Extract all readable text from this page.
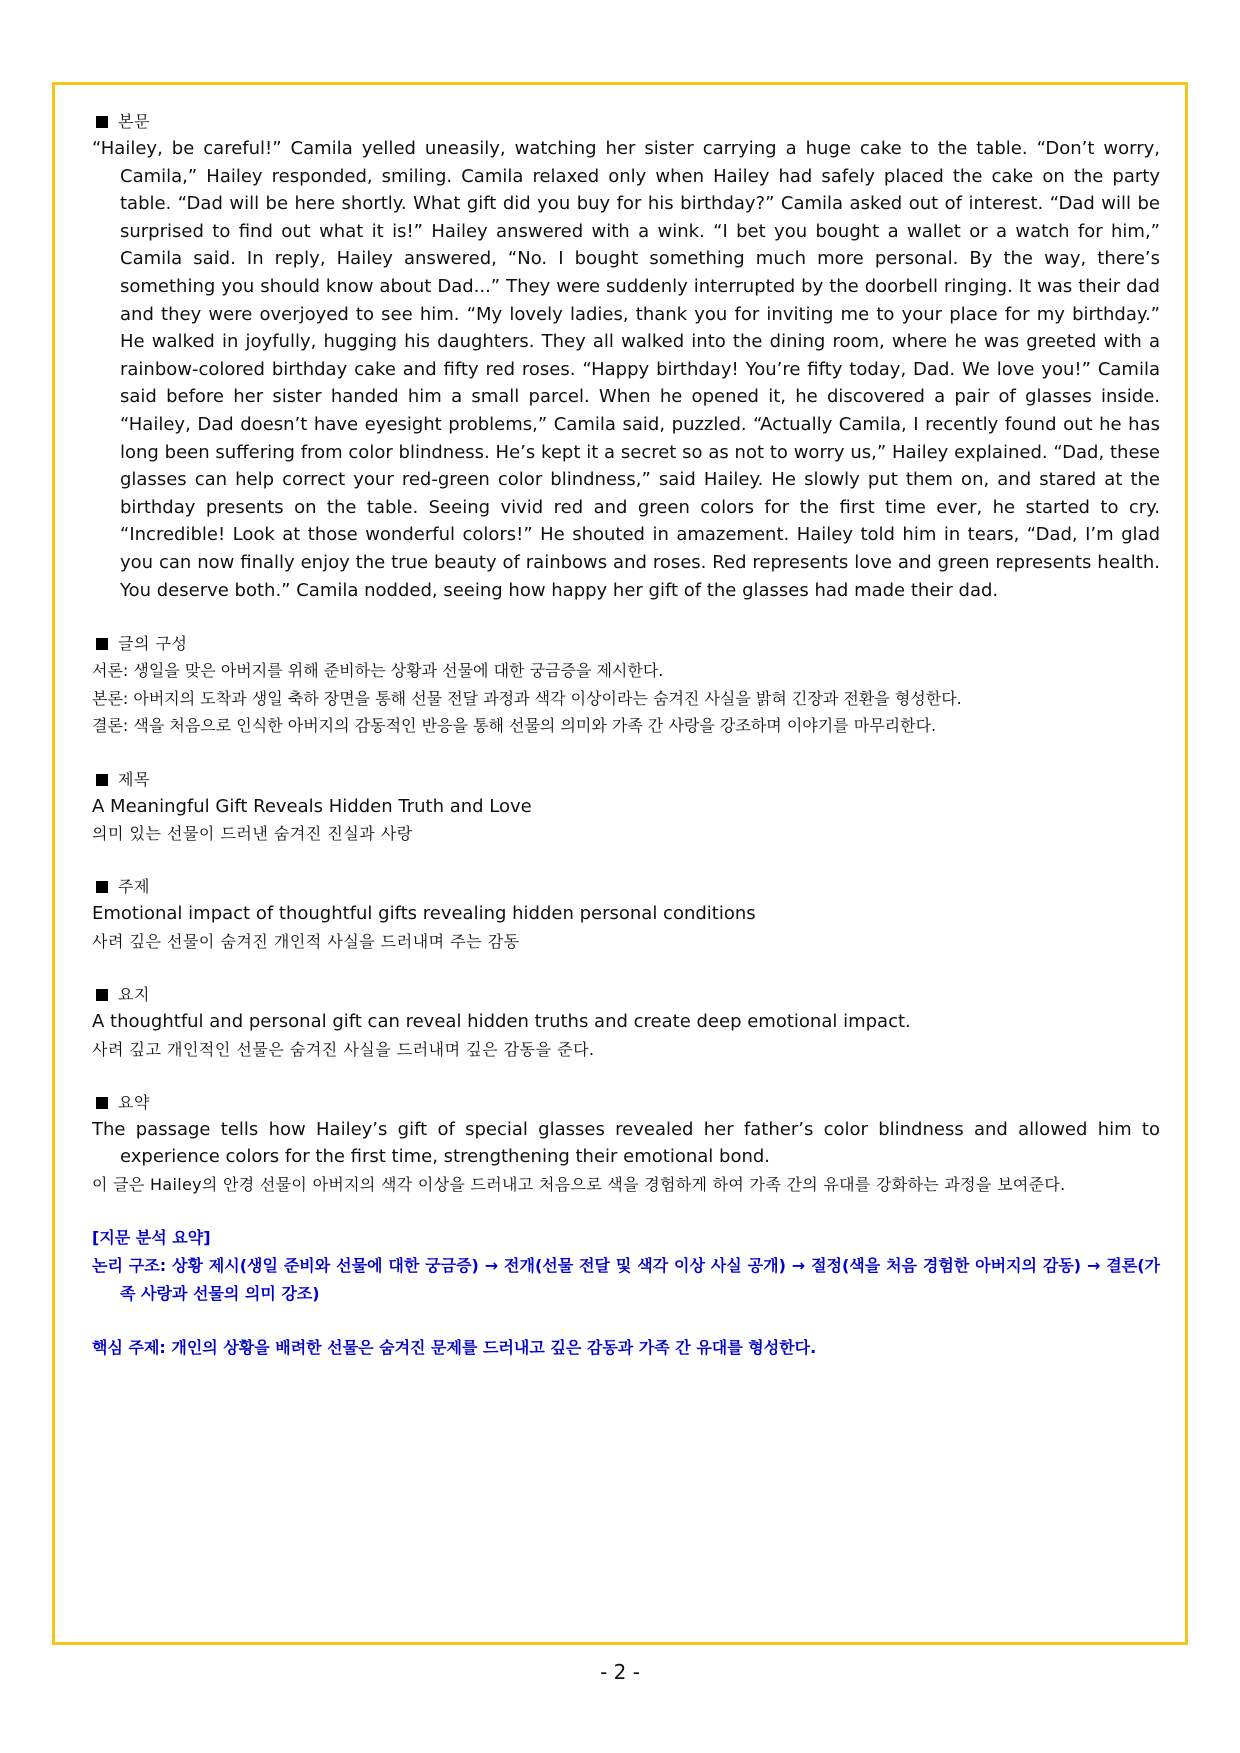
본문
“Hailey, be careful!” Camila yelled uneasily, watching her sister carrying a huge cake to the table. “Don’t worry, Camila,” Hailey responded, smiling. Camila relaxed only when Hailey had safely placed the cake on the party table. “Dad will be here shortly. What gift did you buy for his birthday?” Camila asked out of interest. “Dad will be surprised to find out what it is!” Hailey answered with a wink. “I bet you bought a wallet or a watch for him,” Camila said. In reply, Hailey answered, “No. I bought something much more personal. By the way, there’s something you should know about Dad...” They were suddenly interrupted by the doorbell ringing. It was their dad and they were overjoyed to see him. “My lovely ladies, thank you for inviting me to your place for my birthday.” He walked in joyfully, hugging his daughters. They all walked into the dining room, where he was greeted with a rainbow-colored birthday cake and fifty red roses. “Happy birthday! You’re fifty today, Dad. We love you!” Camila said before her sister handed him a small parcel. When he opened it, he discovered a pair of glasses inside. “Hailey, Dad doesn’t have eyesight problems,” Camila said, puzzled. “Actually Camila, I recently found out he has long been suffering from color blindness. He’s kept it a secret so as not to worry us,” Hailey explained. “Dad, these glasses can help correct your red-green color blindness,” said Hailey. He slowly put them on, and stared at the birthday presents on the table. Seeing vivid red and green colors for the first time ever, he started to cry. “Incredible! Look at those wonderful colors!” He shouted in amazement. Hailey told him in tears, “Dad, I’m glad you can now finally enjoy the true beauty of rainbows and roses. Red represents love and green represents health. You deserve both.” Camila nodded, seeing how happy her gift of the glasses had made their dad.
글의 구성
서론: 생일을 맞은 아버지를 위해 준비하는 상황과 선물에 대한 궁금증을 제시한다.
본론: 아버지의 도착과 생일 축하 장면을 통해 선물 전달 과정과 색각 이상이라는 숨겨진 사실을 밝혀 긴장과 전환을 형성한다.
결론: 색을 처음으로 인식한 아버지의 감동적인 반응을 통해 선물의 의미와 가족 간 사랑을 강조하며 이야기를 마무리한다.
제목
A Meaningful Gift Reveals Hidden Truth and Love
의미 있는 선물이 드러낸 숨겨진 진실과 사랑
주제
Emotional impact of thoughtful gifts revealing hidden personal conditions
사려 깊은 선물이 숨겨진 개인적 사실을 드러내며 주는 감동
요지
A thoughtful and personal gift can reveal hidden truths and create deep emotional impact.
사려 깊고 개인적인 선물은 숨겨진 사실을 드러내며 깊은 감동을 준다.
요약
The passage tells how Hailey’s gift of special glasses revealed her father’s color blindness and allowed him to experience colors for the first time, strengthening their emotional bond.
이 글은 Hailey의 안경 선물이 아버지의 색각 이상을 드러내고 처음으로 색을 경험하게 하여 가족 간의 유대를 강화하는 과정을 보여준다.
[지문 분석 요약]
논리 구조: 상황 제시(생일 준비와 선물에 대한 궁금증) → 전개(선물 전달 및 색각 이상 사실 공개) → 절정(색을 처음 경험한 아버지의 감동) → 결론(가족 사랑과 선물의 의미 강조)
핵심 주제: 개인의 상황을 배려한 선물은 숨겨진 문제를 드러내고 깊은 감동과 가족 간 유대를 형성한다.
- 2 -
